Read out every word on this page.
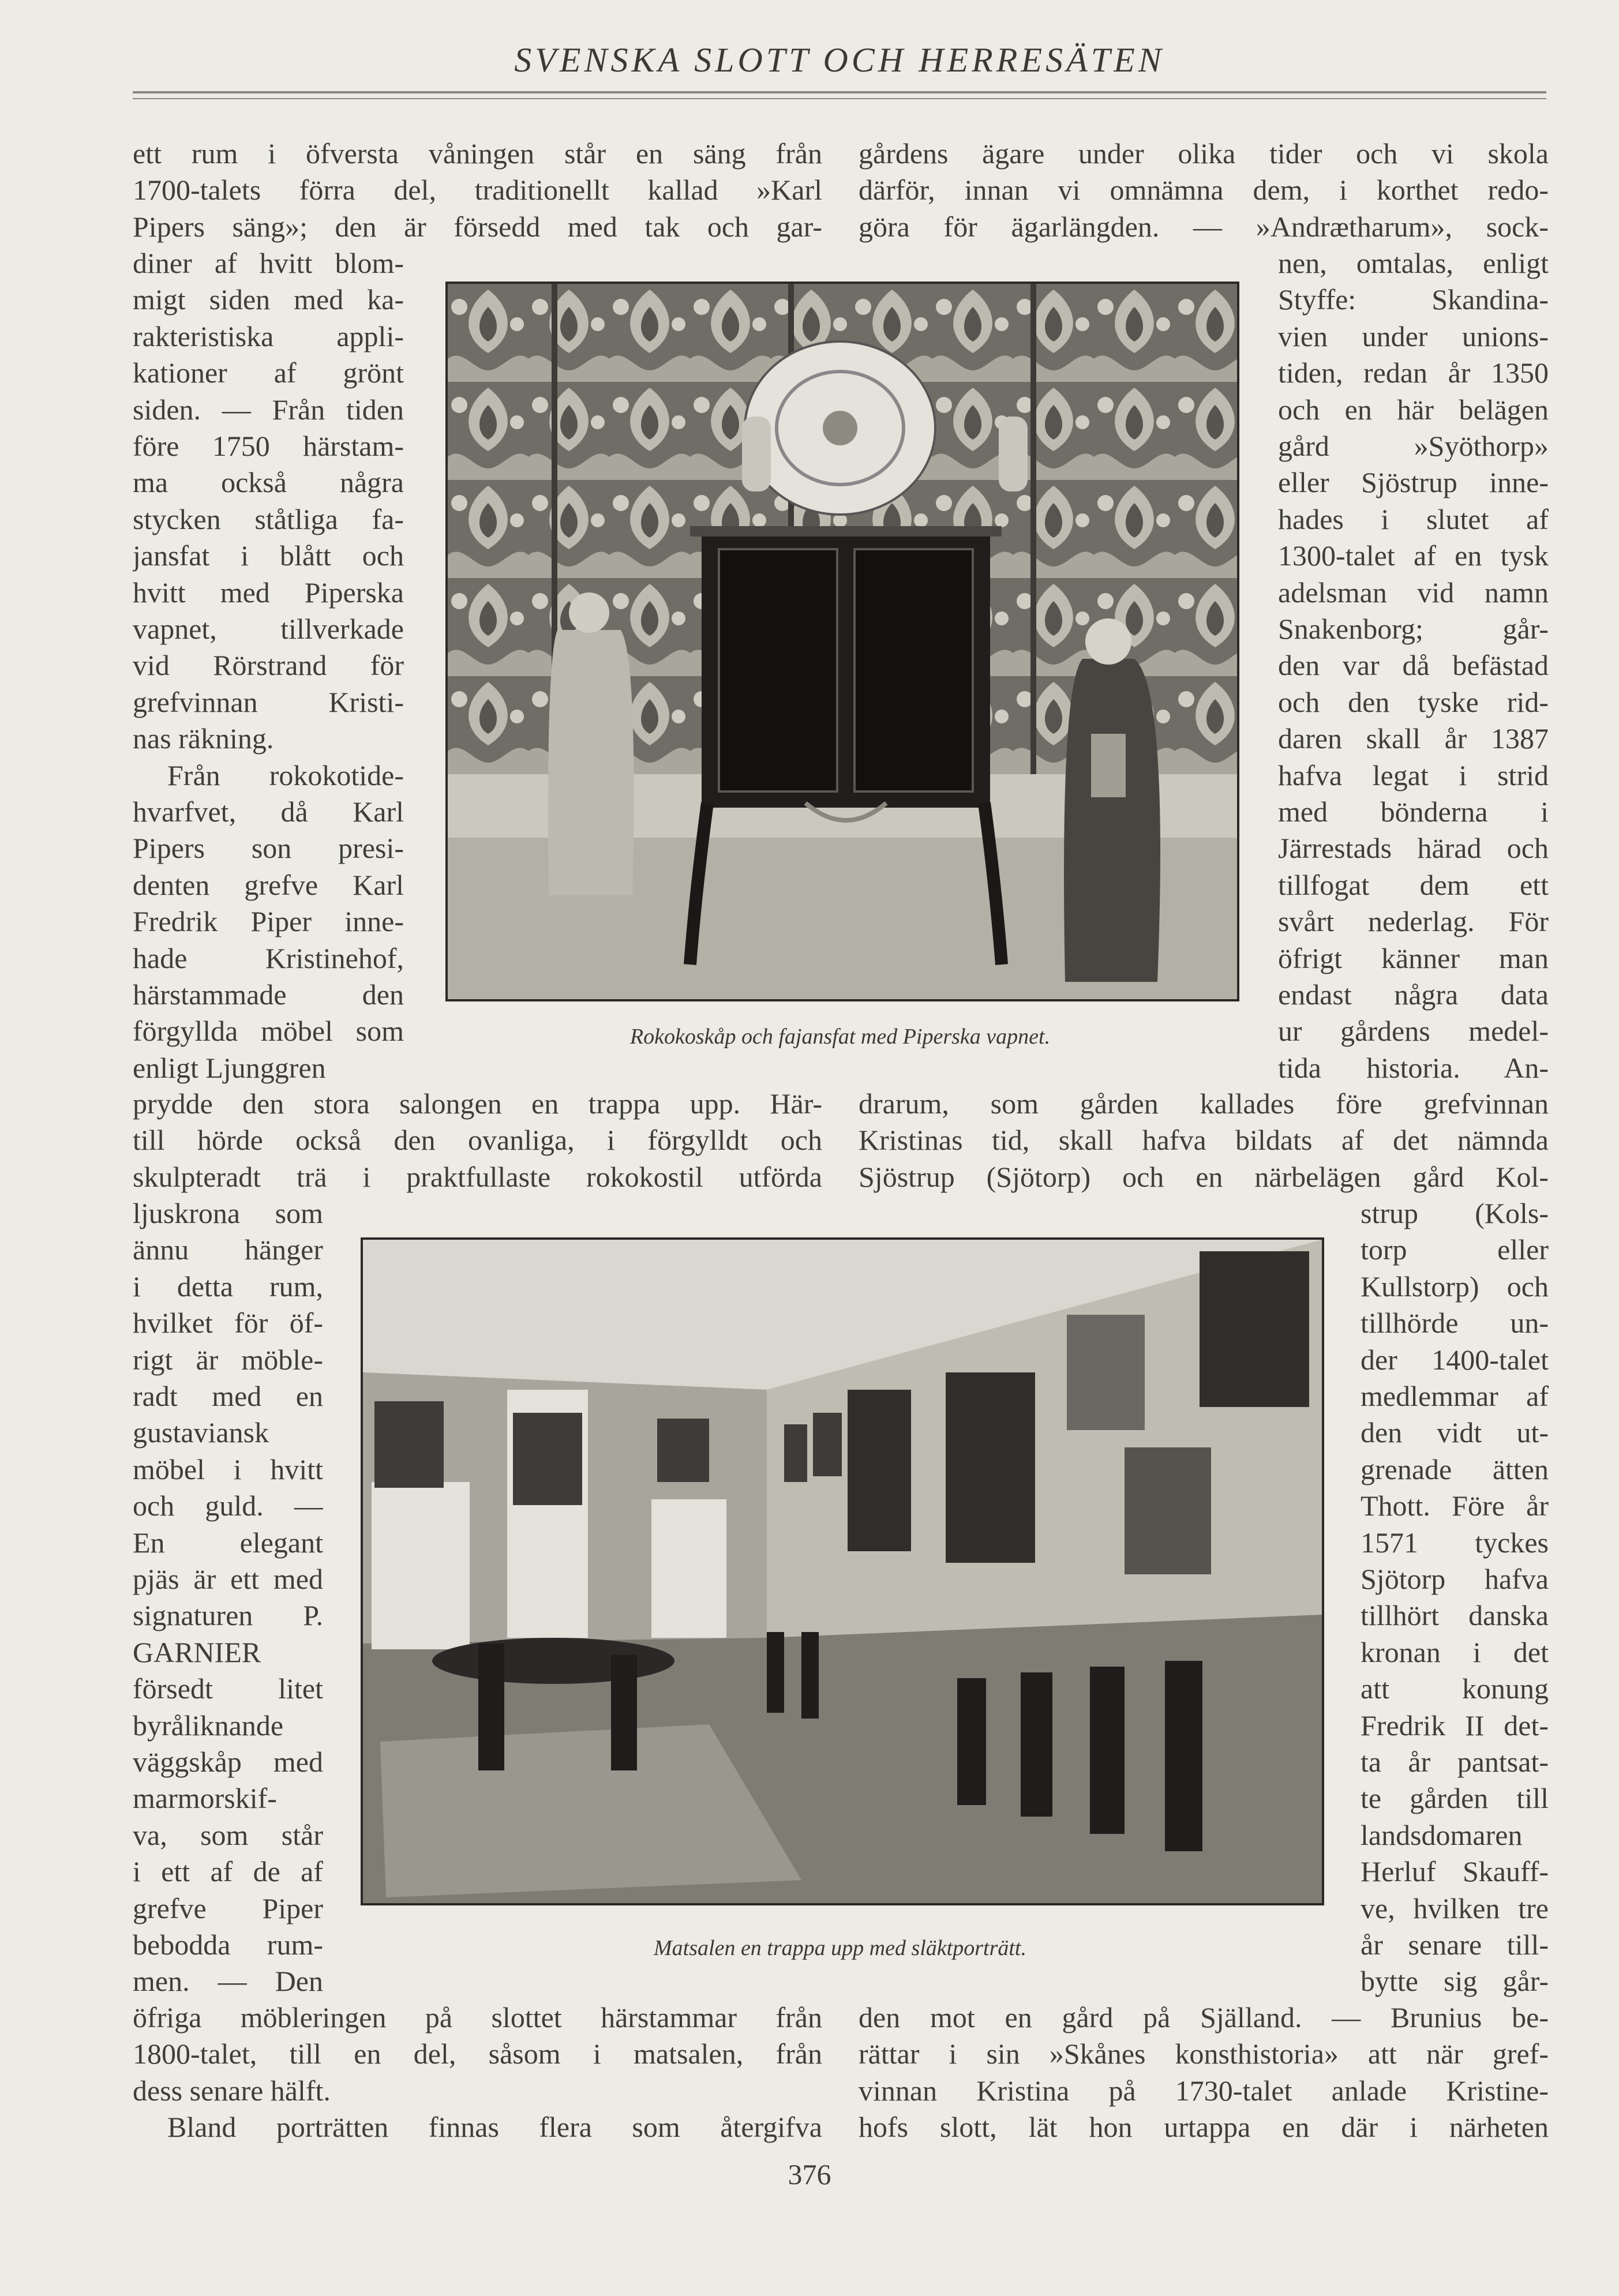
SVENSKA SLOTT OCH HERRESÄTEN
ett rum i öfversta våningen står en säng från
1700-talets förra del, traditionellt kallad »Karl
Pipers säng»; den är försedd med tak och gar-
diner af hvitt blom-
migt siden med ka-
rakteristiska appli-
kationer af grönt
siden. — Från tiden
före 1750 härstam-
ma också några
stycken ståtliga fa-
jansfat i blått och
hvitt med Piperska
vapnet, tillverkade
vid Rörstrand för
grefvinnan Kristi-
nas räkning.
Från rokokotide-
hvarfvet, då Karl
Pipers son presi-
denten grefve Karl
Fredrik Piper inne-
hade Kristinehof,
härstammade den
förgyllda möbel som
enligt Ljunggren
prydde den stora salongen en trappa upp. Här-
till hörde också den ovanliga, i förgylldt och
skulpteradt trä i praktfullaste rokokostil utförda
ljuskrona som
ännu hänger
i detta rum,
hvilket för öf-
rigt är möble-
radt med en
gustaviansk
möbel i hvitt
och guld. —
En elegant
pjäs är ett med
signaturen P.
GARNIER
försedt litet
byråliknande
väggskåp med
marmorskif-
va, som står
i ett af de af
grefve Piper
bebodda rum-
men. — Den
öfriga möbleringen på slottet härstammar från
1800-talet, till en del, såsom i matsalen, från
dess senare hälft.
Bland porträtten finnas flera som återgifva
gårdens ägare under olika tider och vi skola
därför, innan vi omnämna dem, i korthet redo-
göra för ägarlängden. — »Andrætharum», sock-
nen, omtalas, enligt
Styffe: Skandina-
vien under unions-
tiden, redan år 1350
och en här belägen
gård »Syöthorp»
eller Sjöstrup inne-
hades i slutet af
1300-talet af en tysk
adelsman vid namn
Snakenborg; går-
den var då befästad
och den tyske rid-
daren skall år 1387
hafva legat i strid
med bönderna i
Järrestads härad och
tillfogat dem ett
svårt nederlag. För
öfrigt känner man
endast några data
ur gårdens medel-
tida historia. An-
drarum, som gården kallades före grefvinnan
Kristinas tid, skall hafva bildats af det nämnda
Sjöstrup (Sjötorp) och en närbelägen gård Kol-
strup (Kols-
torp eller
Kullstorp) och
tillhörde un-
der 1400-talet
medlemmar af
den vidt ut-
grenade ätten
Thott. Före år
1571 tyckes
Sjötorp hafva
tillhört danska
kronan i det
att konung
Fredrik II det-
ta år pantsat-
te gården till
landsdomaren
Herluf Skauff-
ve, hvilken tre
år senare till-
bytte sig går-
den mot en gård på Själland. — Brunius be-
rättar i sin »Skånes konsthistoria» att när gref-
vinnan Kristina på 1730-talet anlade Kristine-
hofs slott, lät hon urtappa en där i närheten
Rokokoskåp och fajansfat med Piperska vapnet.
Matsalen en trappa upp med släktporträtt.
376
